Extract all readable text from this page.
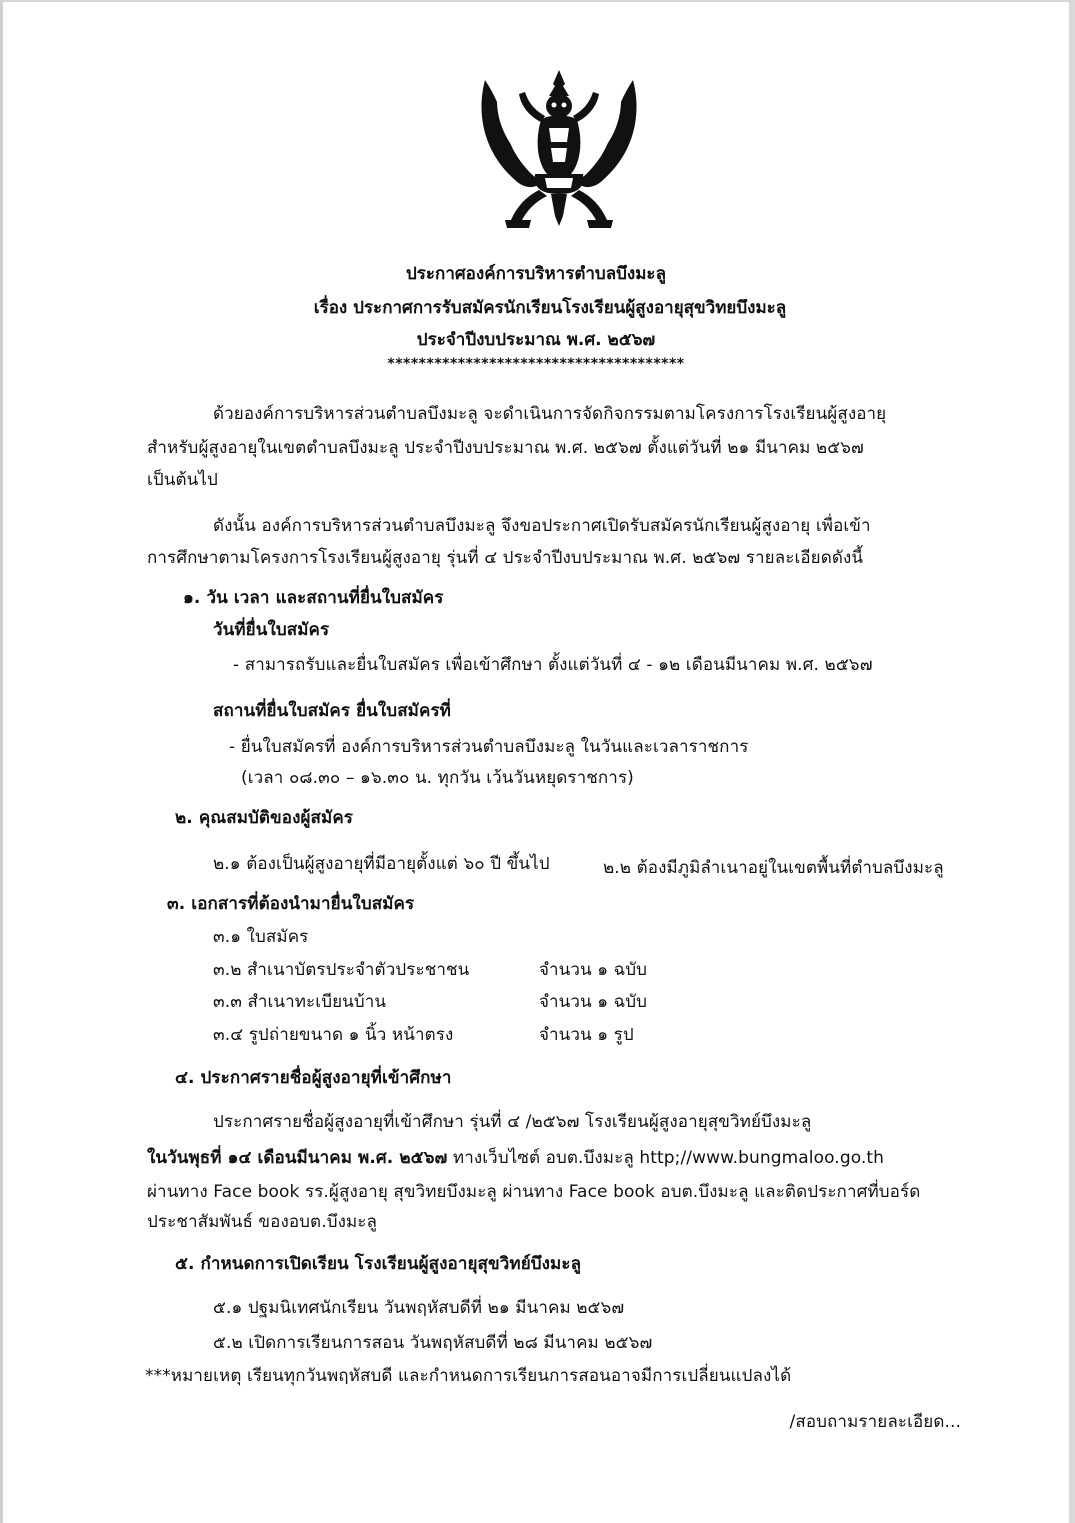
ประกาศองค์การบริหารตำบลบึงมะลู
เรื่อง ประกาศการรับสมัครนักเรียนโรงเรียนผู้สูงอายุสุขวิทยบึงมะลู
ประจำปีงบประมาณ พ.ศ. ๒๕๖๗
**************************************
ด้วยองค์การบริหารส่วนตำบลบึงมะลู จะดำเนินการจัดกิจกรรมตามโครงการโรงเรียนผู้สูงอายุ
สำหรับผู้สูงอายุในเขตตำบลบึงมะลู ประจำปีงบประมาณ พ.ศ. ๒๕๖๗ ตั้งแต่วันที่ ๒๑ มีนาคม ๒๕๖๗
เป็นต้นไป
ดังนั้น องค์การบริหารส่วนตำบลบึงมะลู จึงขอประกาศเปิดรับสมัครนักเรียนผู้สูงอายุ เพื่อเข้า
การศึกษาตามโครงการโรงเรียนผู้สูงอายุ รุ่นที่ ๔ ประจำปีงบประมาณ พ.ศ. ๒๕๖๗ รายละเอียดดังนี้
๑. วัน เวลา และสถานที่ยื่นใบสมัคร
วันที่ยื่นใบสมัคร
- สามารถรับและยื่นใบสมัคร เพื่อเข้าศึกษา ตั้งแต่วันที่ ๔ - ๑๒ เดือนมีนาคม พ.ศ. ๒๕๖๗
สถานที่ยื่นใบสมัคร ยื่นใบสมัครที่
- ยื่นใบสมัครที่ องค์การบริหารส่วนตำบลบึงมะลู ในวันและเวลาราชการ
(เวลา ๐๘.๓๐ – ๑๖.๓๐ น. ทุกวัน เว้นวันหยุดราชการ)
๒. คุณสมบัติของผู้สมัคร
๒.๑ ต้องเป็นผู้สูงอายุที่มีอายุตั้งแต่ ๖๐ ปี ขึ้นไป	๒.๒ ต้องมีภูมิลำเนาอยู่ในเขตพื้นที่ตำบลบึงมะลู
๓. เอกสารที่ต้องนำมายื่นใบสมัคร
๓.๑ ใบสมัคร
๓.๒ สำเนาบัตรประจำตัวประชาชน	จำนวน ๑ ฉบับ
๓.๓ สำเนาทะเบียนบ้าน	จำนวน ๑ ฉบับ
๓.๔ รูปถ่ายขนาด ๑ นิ้ว หน้าตรง	จำนวน ๑ รูป
๔. ประกาศรายชื่อผู้สูงอายุที่เข้าศึกษา
ประกาศรายชื่อผู้สูงอายุที่เข้าศึกษา รุ่นที่ ๔ /๒๕๖๗ โรงเรียนผู้สูงอายุสุขวิทย์บึงมะลู
ในวันพุธที่ ๑๔ เดือนมีนาคม พ.ศ. ๒๕๖๗ ทางเว็บไซต์ อบต.บึงมะลู http;//www.bungmaloo.go.th
ผ่านทาง Face book รร.ผู้สูงอายุ สุขวิทยบึงมะลู ผ่านทาง Face book อบต.บึงมะลู และติดประกาศที่บอร์ด
ประชาสัมพันธ์ ของอบต.บึงมะลู
๕. กำหนดการเปิดเรียน โรงเรียนผู้สูงอายุสุขวิทย์บึงมะลู
๕.๑ ปฐมนิเทศนักเรียน วันพฤหัสบดีที่ ๒๑ มีนาคม ๒๕๖๗
๕.๒ เปิดการเรียนการสอน วันพฤหัสบดีที่ ๒๘ มีนาคม ๒๕๖๗
***หมายเหตุ เรียนทุกวันพฤหัสบดี และกำหนดการเรียนการสอนอาจมีการเปลี่ยนแปลงได้
/สอบถามรายละเอียด...
